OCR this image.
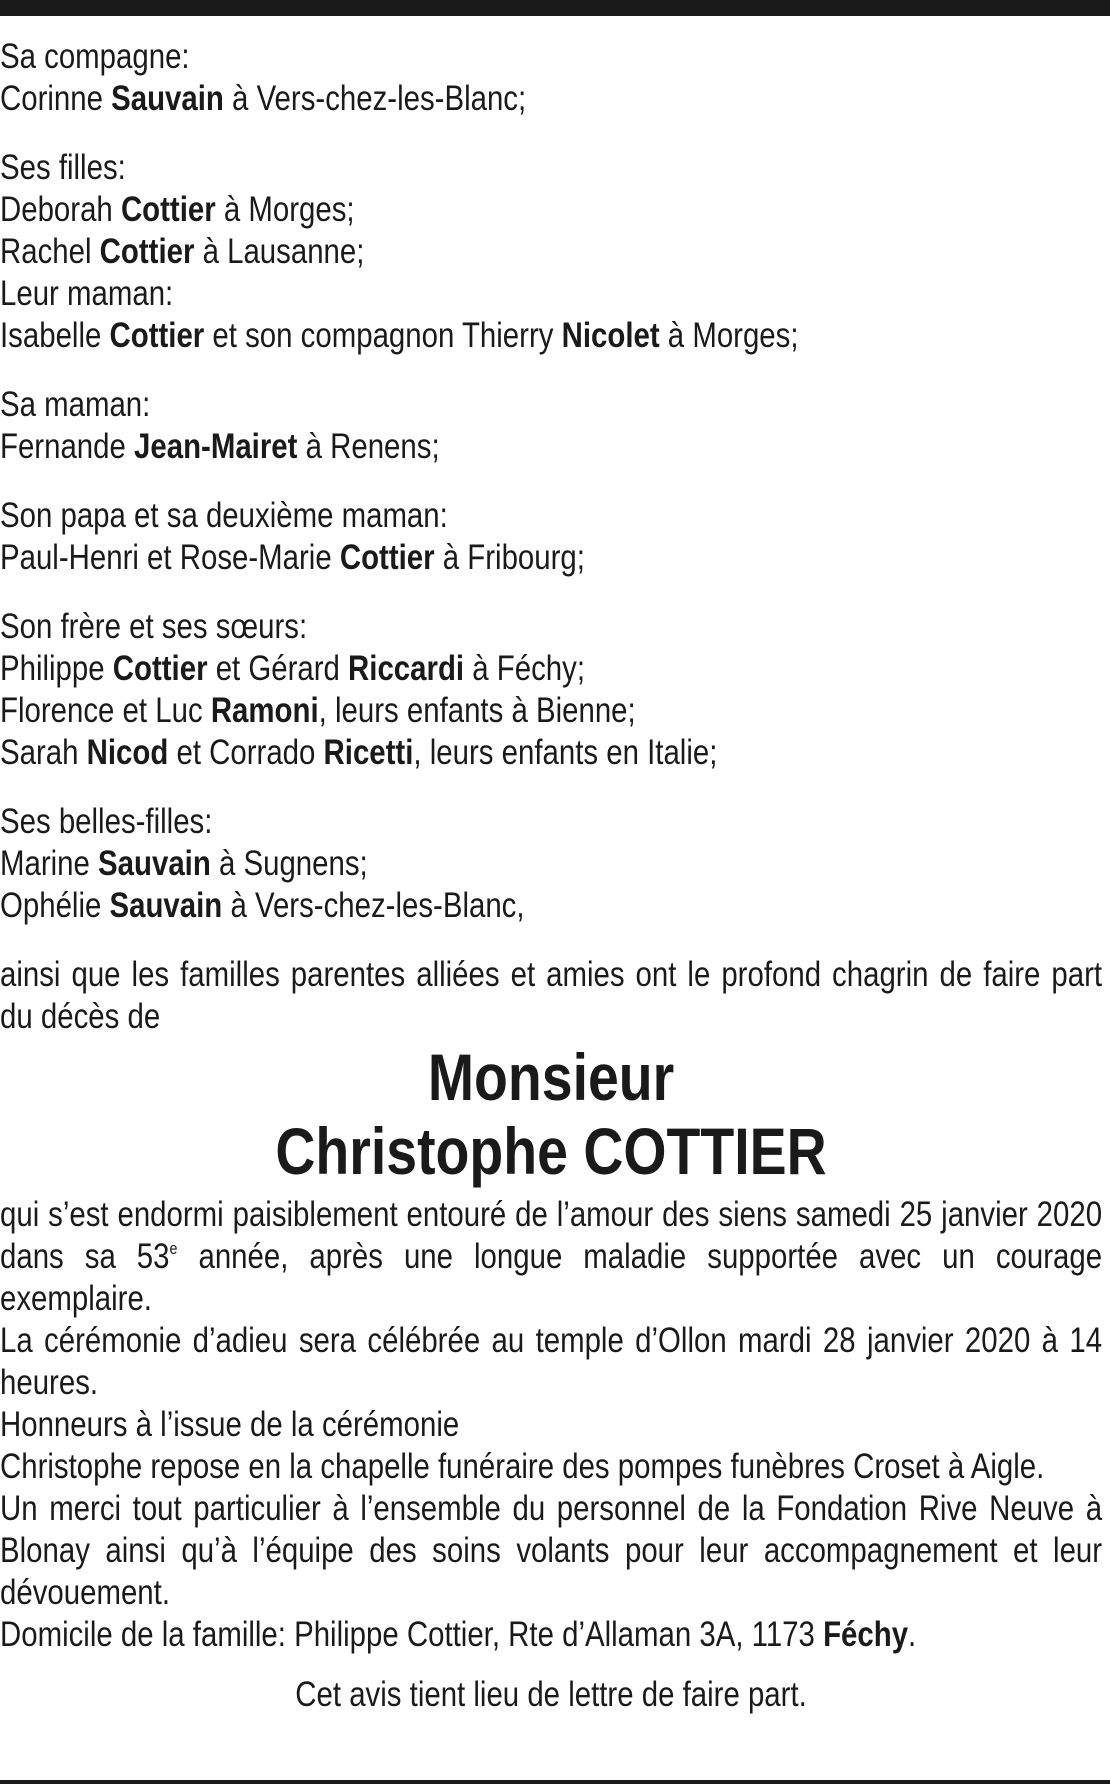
Sa compagne:

Corinne Sauvain à Vers-chez-les-Blanc;

Ses filles:

Deborah Cottier à Morges;

Rachel Cottier à Lausanne;

Leur maman:

Isabelle Cottier et son compagnon Thierry Nicolet à Morges;

Sa maman:

Fernande Jean-Mairet à Renens;

Son papa et sa deuxième maman:

Paul-Henri et Rose-Marie Cottier à Fribourg;

Son frère et ses sœurs:

Philippe Cottier et Gérard Riccardi à Féchy;

Florence et Luc Ramoni, leurs enfants à Bienne;

Sarah Nicod et Corrado Ricetti, leurs enfants en Italie;

Ses belles-filles:

Marine Sauvain à Sugnens;

Ophélie Sauvain à Vers-chez-les-Blanc,

ainsi que les familles parentes alliées et amies ont le profond chagrin de faire part du décès de

Monsieur
Christophe COTTIER

qui s’est endormi paisiblement entouré de l’amour des siens samedi 25 janvier 2020 dans sa 53e année, après une longue maladie supportée avec un courage exemplaire.

La cérémonie d’adieu sera célébrée au temple d’Ollon mardi 28 janvier 2020 à 14 heures.

Honneurs à l’issue de la cérémonie

Christophe repose en la chapelle funéraire des pompes funèbres Croset à Aigle.

Un merci tout particulier à l’ensemble du personnel de la Fondation Rive Neuve à Blonay ainsi qu’à l’équipe des soins volants pour leur accompagnement et leur dévouement.

Domicile de la famille: Philippe Cottier, Rte d’Allaman 3A, 1173 Féchy.

Cet avis tient lieu de lettre de faire part.
